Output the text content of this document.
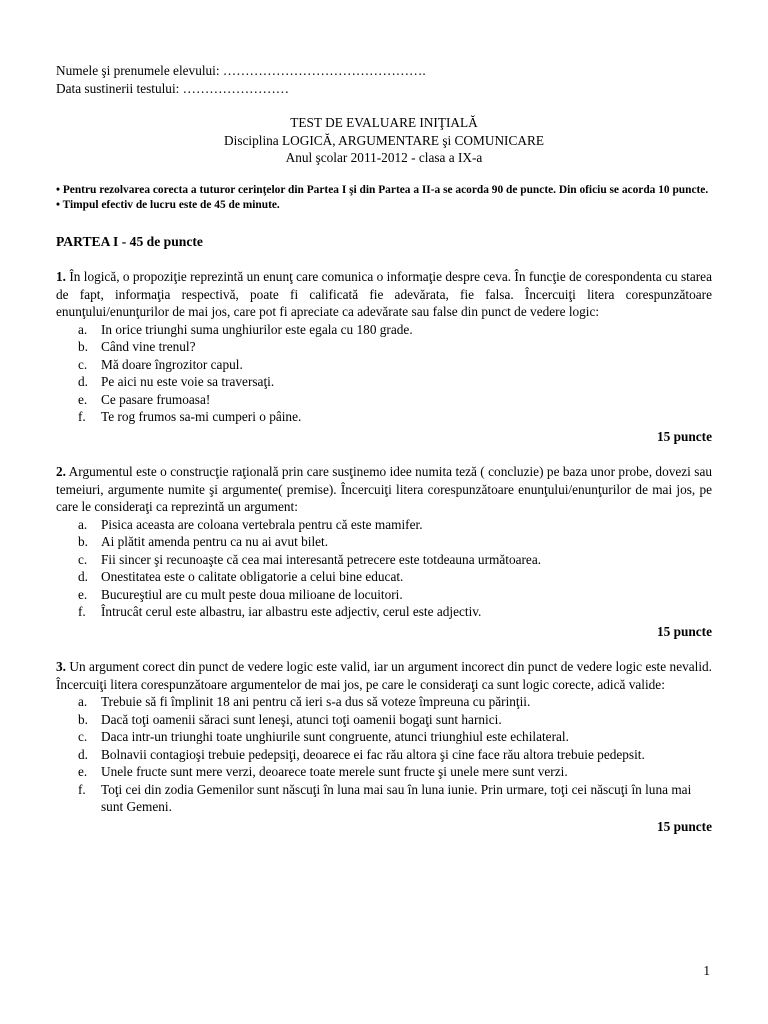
Numele şi prenumele elevului: ……………………………………….
Data sustinerii testului: ……………………
TEST DE EVALUARE INIŢIALĂ
Disciplina LOGICĂ, ARGUMENTARE şi COMUNICARE
Anul şcolar 2011-2012 - clasa a IX-a
• Pentru rezolvarea corecta a tuturor cerinţelor din Partea I şi din Partea a II-a se acorda 90 de puncte. Din oficiu se acorda 10 puncte.
• Timpul efectiv de lucru este de 45 de minute.
PARTEA I - 45 de puncte
1. În logică, o propoziţie reprezintă un enunţ care comunica o informaţie despre ceva. În funcţie de corespondenta cu starea de fapt, informaţia respectivă, poate fi calificată fie adevărata, fie falsa. Încercuiţi litera corespunzătoare enunţului/enunţurilor de mai jos, care pot fi apreciate ca adevărate sau false din punct de vedere logic:
a.	In orice triunghi suma unghiurilor este egala cu 180 grade.
b. Când vine trenul?
c.	Mă doare îngrozitor capul.
d. Pe aici nu este voie sa traversaţi.
e.	Ce pasare frumoasa!
f.	Te rog frumos sa-mi cumperi o pâine.
15 puncte
2. Argumentul este o construcţie raţională prin care susţinemo idee numita teză ( concluzie) pe baza unor probe, dovezi sau temeiuri, argumente numite şi argumente( premise). Încercuiţi litera corespunzătoare enunţului/enunţurilor de mai jos, pe care le consideraţi ca reprezintă un argument:
a.	Pisica aceasta are coloana vertebrala pentru că este mamifer.
b. Ai plătit amenda pentru ca nu ai avut bilet.
c.	Fii sincer şi recunoaşte că cea mai interesantă petrecere este totdeauna următoarea.
d. Onestitatea este o calitate obligatorie a celui bine educat.
e.	Bucureştiul are cu mult peste doua milioane de locuitori.
f.	Întrucât cerul este albastru, iar albastru este adjectiv, cerul este adjectiv.
15 puncte
3. Un argument corect din punct de vedere logic este valid, iar un argument incorect din punct de vedere logic este nevalid. Încercuiţi litera corespunzătoare argumentelor de mai jos, pe care le consideraţi ca sunt logic corecte, adică valide:
a.	Trebuie să fi împlinit 18 ani pentru că ieri s-a dus să voteze împreuna cu părinţii.
b. Dacă toţi oamenii săraci sunt leneşi, atunci toţi oamenii bogaţi sunt harnici.
c.	Daca intr-un triunghi toate unghiurile sunt congruente, atunci triunghiul este echilateral.
d. Bolnavii contagioşi trebuie pedepsiţi, deoarece ei fac rău altora şi cine face rău altora trebuie pedepsit.
e.	Unele fructe sunt mere verzi, deoarece toate merele sunt fructe şi unele mere sunt verzi.
f.	Toţi cei din zodia Gemenilor sunt născuţi în luna mai sau în luna iunie. Prin urmare, toţi cei născuţi în luna mai sunt Gemeni.
15 puncte
1
